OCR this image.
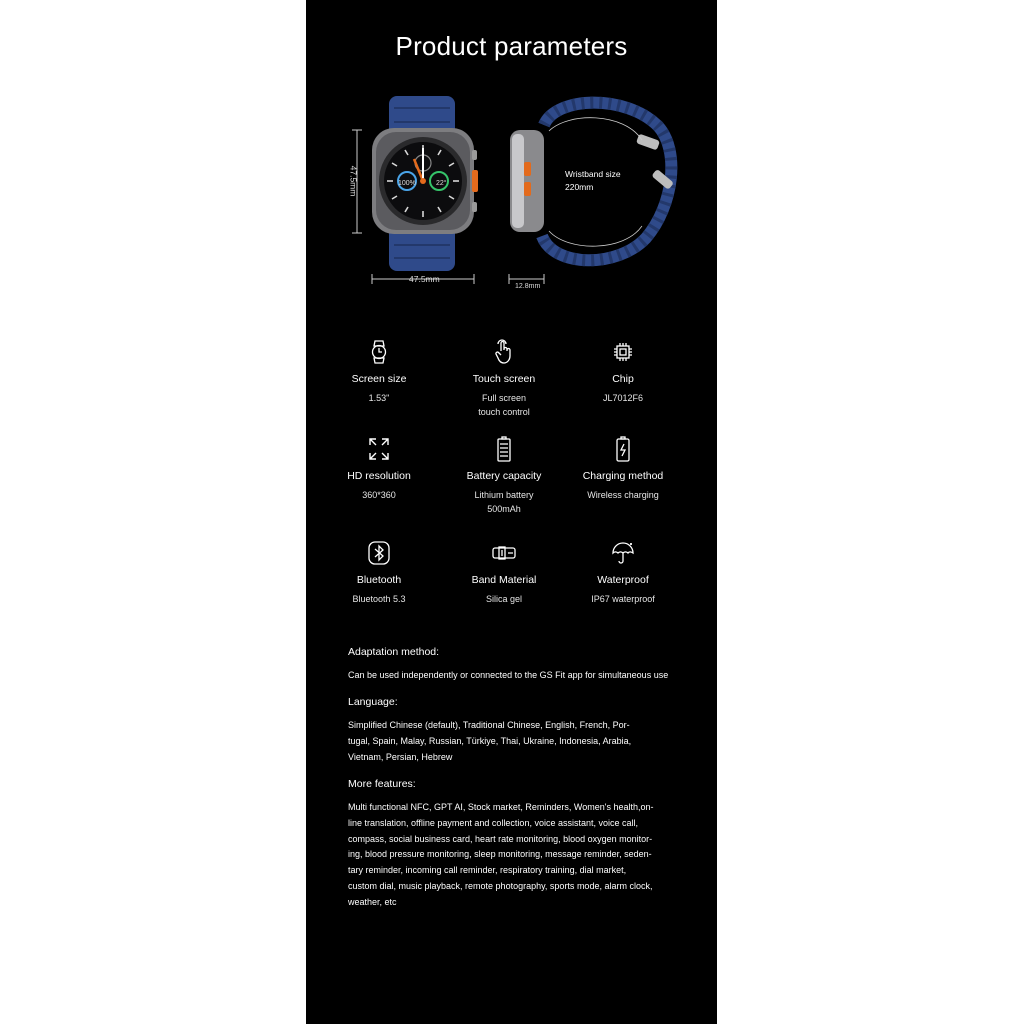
Product parameters
47.5mm
47.5mm
12.8mm
Wristband size
220mm
100%	22°
Screen size
1.53"
Touch screen
Full screen
touch control
Chip
JL7012F6
HD resolution
360*360
Battery capacity
Lithium battery
500mAh
Charging method
Wireless charging
Bluetooth
Bluetooth 5.3
Band Material
Silica gel
Waterproof
IP67 waterproof
Adaptation method:
Can be used independently or connected to the GS Fit app for simultaneous use
Language:
Simplified Chinese (default), Traditional Chinese, English, French, Por-
tugal, Spain, Malay, Russian, Türkiye, Thai, Ukraine, Indonesia, Arabia,
Vietnam, Persian, Hebrew
More features:
Multi functional NFC, GPT AI, Stock market, Reminders, Women's health,on-
line translation, offline payment and collection, voice assistant, voice call,
compass, social business card, heart rate monitoring, blood oxygen monitor-
ing, blood pressure monitoring, sleep monitoring, message reminder, seden-
tary reminder, incoming call reminder, respiratory training, dial market,
custom dial, music playback, remote photography, sports mode, alarm clock,
weather, etc
